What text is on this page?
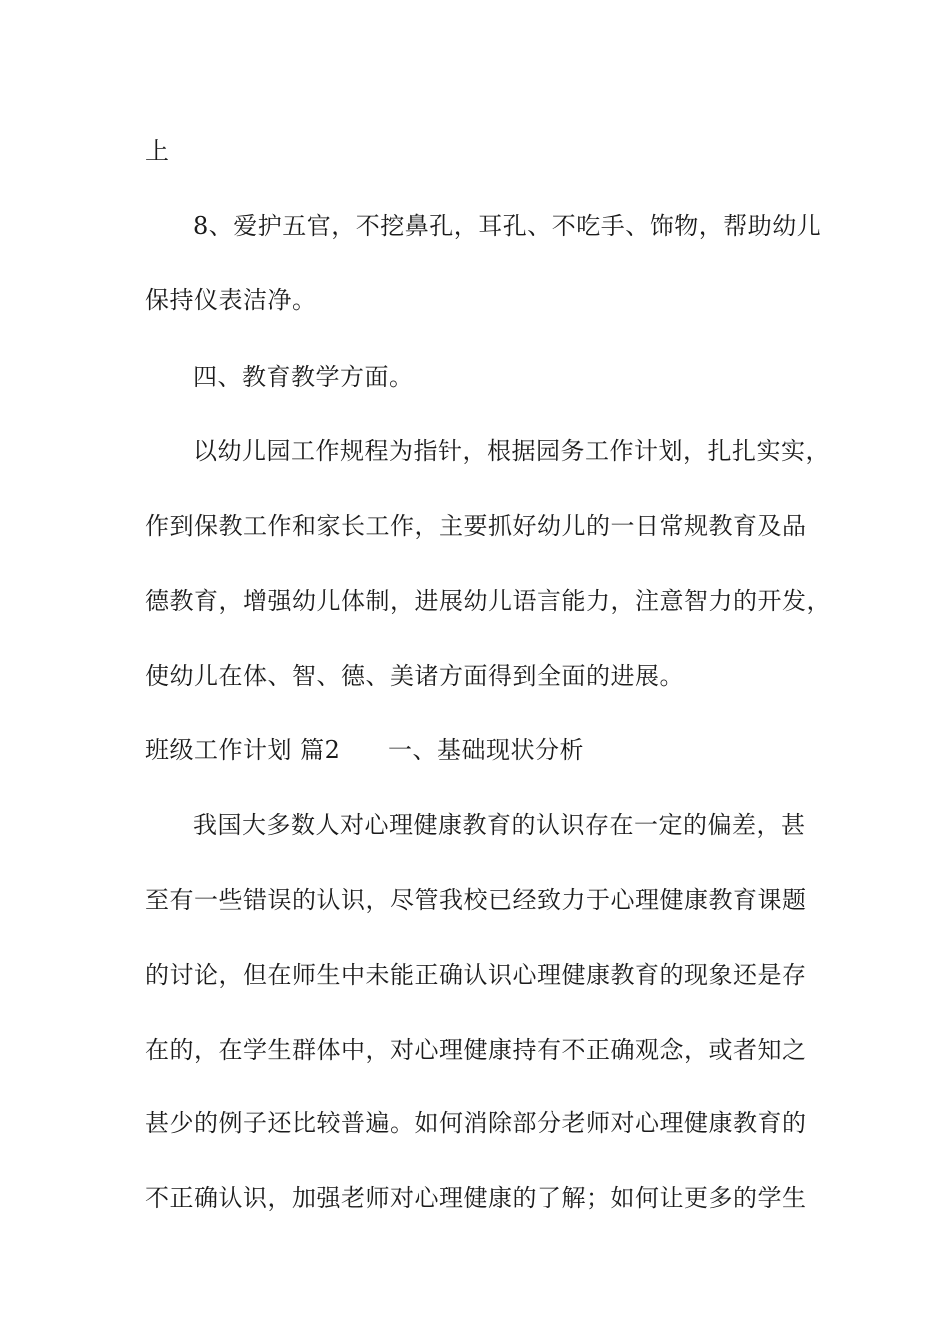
上
8、爱护五官，不挖鼻孔，耳孔、不吃手、饰物，帮助幼儿
保持仪表洁净。
四、教育教学方面。
以幼儿园工作规程为指针，根据园务工作计划，扎扎实实，
作到保教工作和家长工作，主要抓好幼儿的一日常规教育及品
德教育，增强幼儿体制，进展幼儿语言能力，注意智力的开发，
使幼儿在体、智、德、美诸方面得到全面的进展。
班级工作计划 篇2 一、基础现状分析
我国大多数人对心理健康教育的认识存在一定的偏差，甚
至有一些错误的认识，尽管我校已经致力于心理健康教育课题
的讨论，但在师生中未能正确认识心理健康教育的现象还是存
在的，在学生群体中，对心理健康持有不正确观念，或者知之
甚少的例子还比较普遍。如何消除部分老师对心理健康教育的
不正确认识，加强老师对心理健康的了解；如何让更多的学生
